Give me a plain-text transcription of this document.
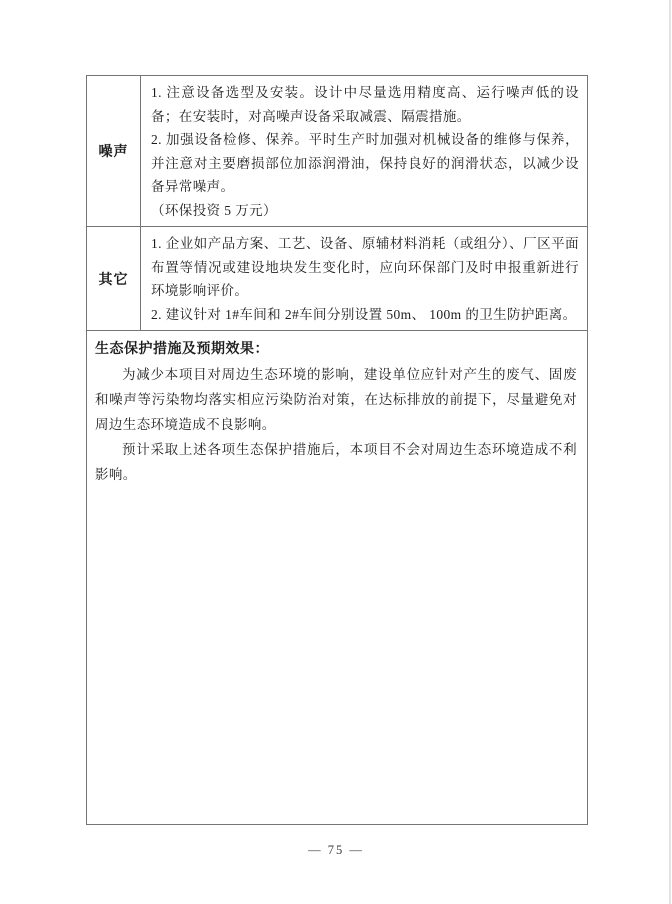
噪声

1. 注意设备选型及安装。设计中尽量选用精度高、运行噪声低的设备；在安装时，对高噪声设备采取减震、隔震措施。

2. 加强设备检修、保养。平时生产时加强对机械设备的维修与保养，并注意对主要磨损部位加添润滑油，保持良好的润滑状态，以减少设备异常噪声。

（环保投资 5 万元）

其它

1. 企业如产品方案、工艺、设备、原辅材料消耗（或组分）、厂区平面布置等情况或建设地块发生变化时，应向环保部门及时申报重新进行环境影响评价。

2. 建议针对 1#车间和 2#车间分别设置 50m、 100m 的卫生防护距离。

生态保护措施及预期效果：

为减少本项目对周边生态环境的影响，建设单位应针对产生的废气、固废和噪声等污染物均落实相应污染防治对策，在达标排放的前提下，尽量避免对周边生态环境造成不良影响。

预计采取上述各项生态保护措施后，本项目不会对周边生态环境造成不利影响。

— 75 —
